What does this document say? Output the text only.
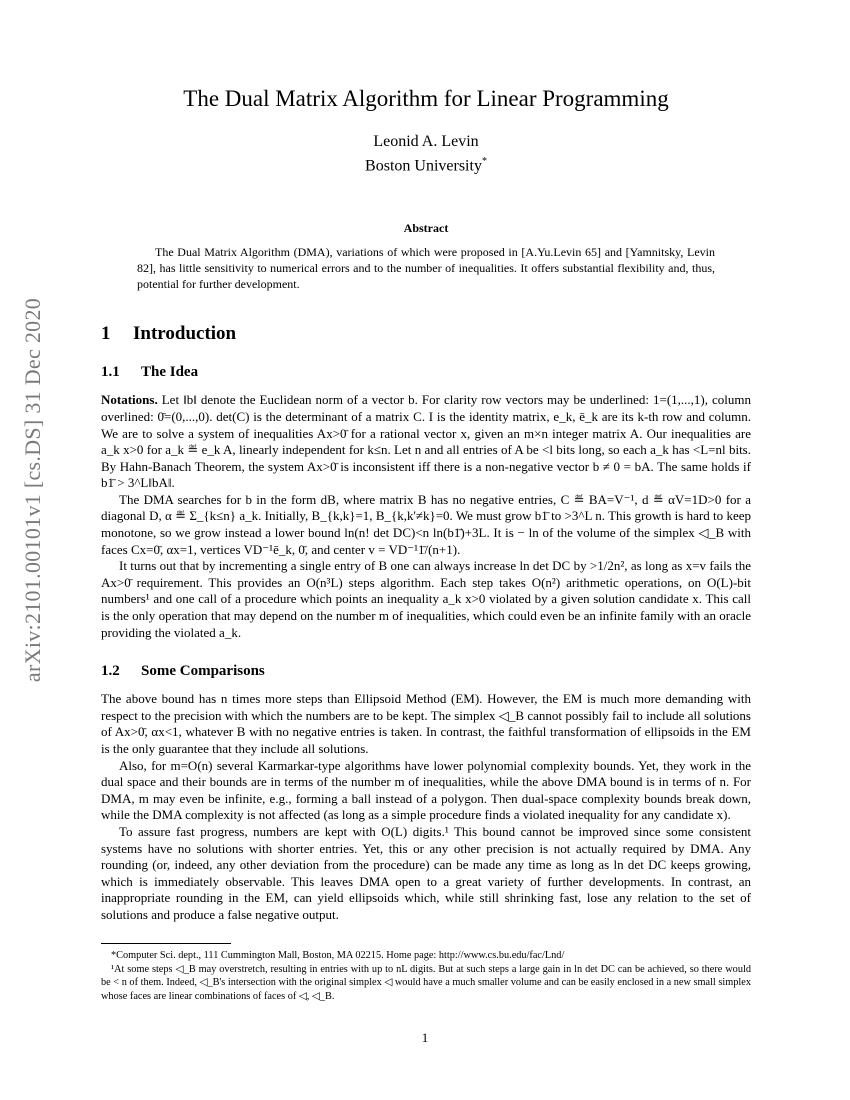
arXiv:2101.00101v1 [cs.DS] 31 Dec 2020
The Dual Matrix Algorithm for Linear Programming
Leonid A. Levin
Boston University*
Abstract

The Dual Matrix Algorithm (DMA), variations of which were proposed in [A.Yu.Levin 65] and [Yamnitsky, Levin 82], has little sensitivity to numerical errors and to the number of inequalities. It offers substantial flexibility and, thus, potential for further development.

1 Introduction
1.1 The Idea

Notations. Let ‖b‖ denote the Euclidean norm of a vector b. For clarity row vectors may be underlined: 1=(1,...,1), column overlined: 0̄=(0,...,0). det(C) is the determinant of a matrix C. I is the identity matrix, e_k, ē_k are its k-th row and column. We are to solve a system of inequalities Ax>0̄ for a rational vector x, given an m×n integer matrix A. Our inequalities are a_k x>0 for a_k ≝ e_k A, linearly independent for k≤n. Let n and all entries of A be <l bits long, so each a_k has <L=nl bits. By Hahn-Banach Theorem, the system Ax>0̄ is inconsistent iff there is a non-negative vector b ≠ 0 = bA. The same holds if b1̄ > 3^L‖bA‖.

The DMA searches for b in the form dB, where matrix B has no negative entries, C ≝ BA=V⁻¹, d ≝ αV=1D>0 for a diagonal D, α ≝ Σ_{k≤n} a_k. Initially, B_{k,k}=1, B_{k,k'≠k}=0. We must grow b1̄ to >3^L n. This growth is hard to keep monotone, so we grow instead a lower bound ln(n! det DC)<n ln(b1̄)+3L. It is − ln of the volume of the simplex ◁_B with faces Cx=0̄, αx=1, vertices VD⁻¹ē_k, 0̄, and center v = VD⁻¹1̄/(n+1).

It turns out that by incrementing a single entry of B one can always increase ln det DC by >1/2n², as long as x=v fails the Ax>0̄ requirement. This provides an O(n³L) steps algorithm. Each step takes O(n²) arithmetic operations, on O(L)-bit numbers¹ and one call of a procedure which points an inequality a_k x>0 violated by a given solution candidate x. This call is the only operation that may depend on the number m of inequalities, which could even be an infinite family with an oracle providing the violated a_k.

1.2 Some Comparisons

The above bound has n times more steps than Ellipsoid Method (EM). However, the EM is much more demanding with respect to the precision with which the numbers are to be kept. The simplex ◁_B cannot possibly fail to include all solutions of Ax>0̄, αx<1, whatever B with no negative entries is taken. In contrast, the faithful transformation of ellipsoids in the EM is the only guarantee that they include all solutions.

Also, for m=O(n) several Karmarkar-type algorithms have lower polynomial complexity bounds. Yet, they work in the dual space and their bounds are in terms of the number m of inequalities, while the above DMA bound is in terms of n. For DMA, m may even be infinite, e.g., forming a ball instead of a polygon. Then dual-space complexity bounds break down, while the DMA complexity is not affected (as long as a simple procedure finds a violated inequality for any candidate x).

To assure fast progress, numbers are kept with O(L) digits.¹ This bound cannot be improved since some consistent systems have no solutions with shorter entries. Yet, this or any other precision is not actually required by DMA. Any rounding (or, indeed, any other deviation from the procedure) can be made any time as long as ln det DC keeps growing, which is immediately observable. This leaves DMA open to a great variety of further developments. In contrast, an inappropriate rounding in the EM, can yield ellipsoids which, while still shrinking fast, lose any relation to the set of solutions and produce a false negative output.

*Computer Sci. dept., 111 Cummington Mall, Boston, MA 02215. Home page: http://www.cs.bu.edu/fac/Lnd/

¹At some steps ◁_B may overstretch, resulting in entries with up to nL digits. But at such steps a large gain in ln det DC can be achieved, so there would be < n of them. Indeed, ◁_B's intersection with the original simplex ◁ would have a much smaller volume and can be easily enclosed in a new small simplex whose faces are linear combinations of faces of ◁, ◁_B.

1
